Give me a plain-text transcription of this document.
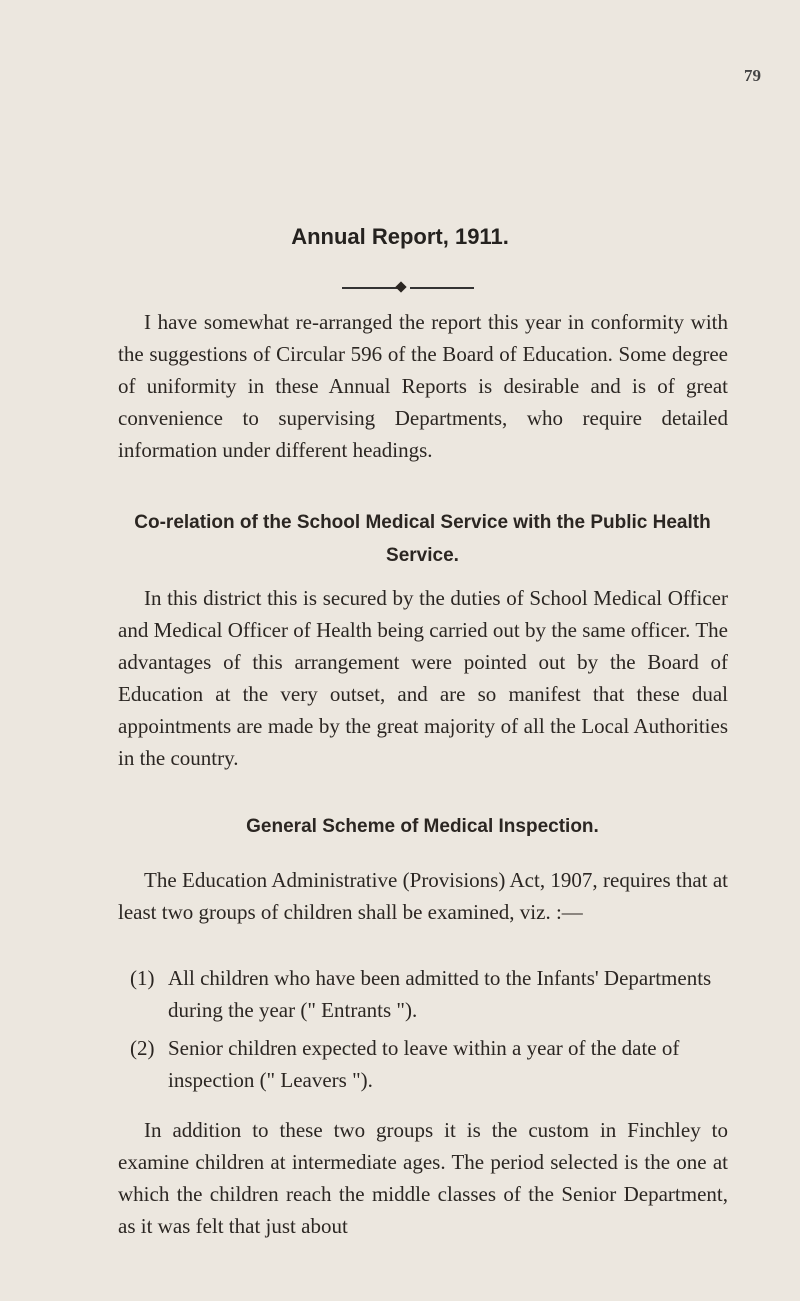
79
Annual Report, 1911.

I have somewhat re-arranged the report this year in conformity with the suggestions of Circular 596 of the Board of Education. Some degree of uniformity in these Annual Reports is desirable and is of great convenience to supervising Departments, who require detailed information under different headings.

Co-relation of the School Medical Service with the Public Health Service.

In this district this is secured by the duties of School Medical Officer and Medical Officer of Health being carried out by the same officer. The advantages of this arrangement were pointed out by the Board of Education at the very outset, and are so manifest that these dual appointments are made by the great majority of all the Local Authorities in the country.

General Scheme of Medical Inspection.

The Education Administrative (Provisions) Act, 1907, requires that at least two groups of children shall be examined, viz. :—

(1) All children who have been admitted to the Infants' Departments during the year (" Entrants ").
(2) Senior children expected to leave within a year of the date of inspection (" Leavers ").

In addition to these two groups it is the custom in Finchley to examine children at intermediate ages. The period selected is the one at which the children reach the middle classes of the Senior Department, as it was felt that just about
